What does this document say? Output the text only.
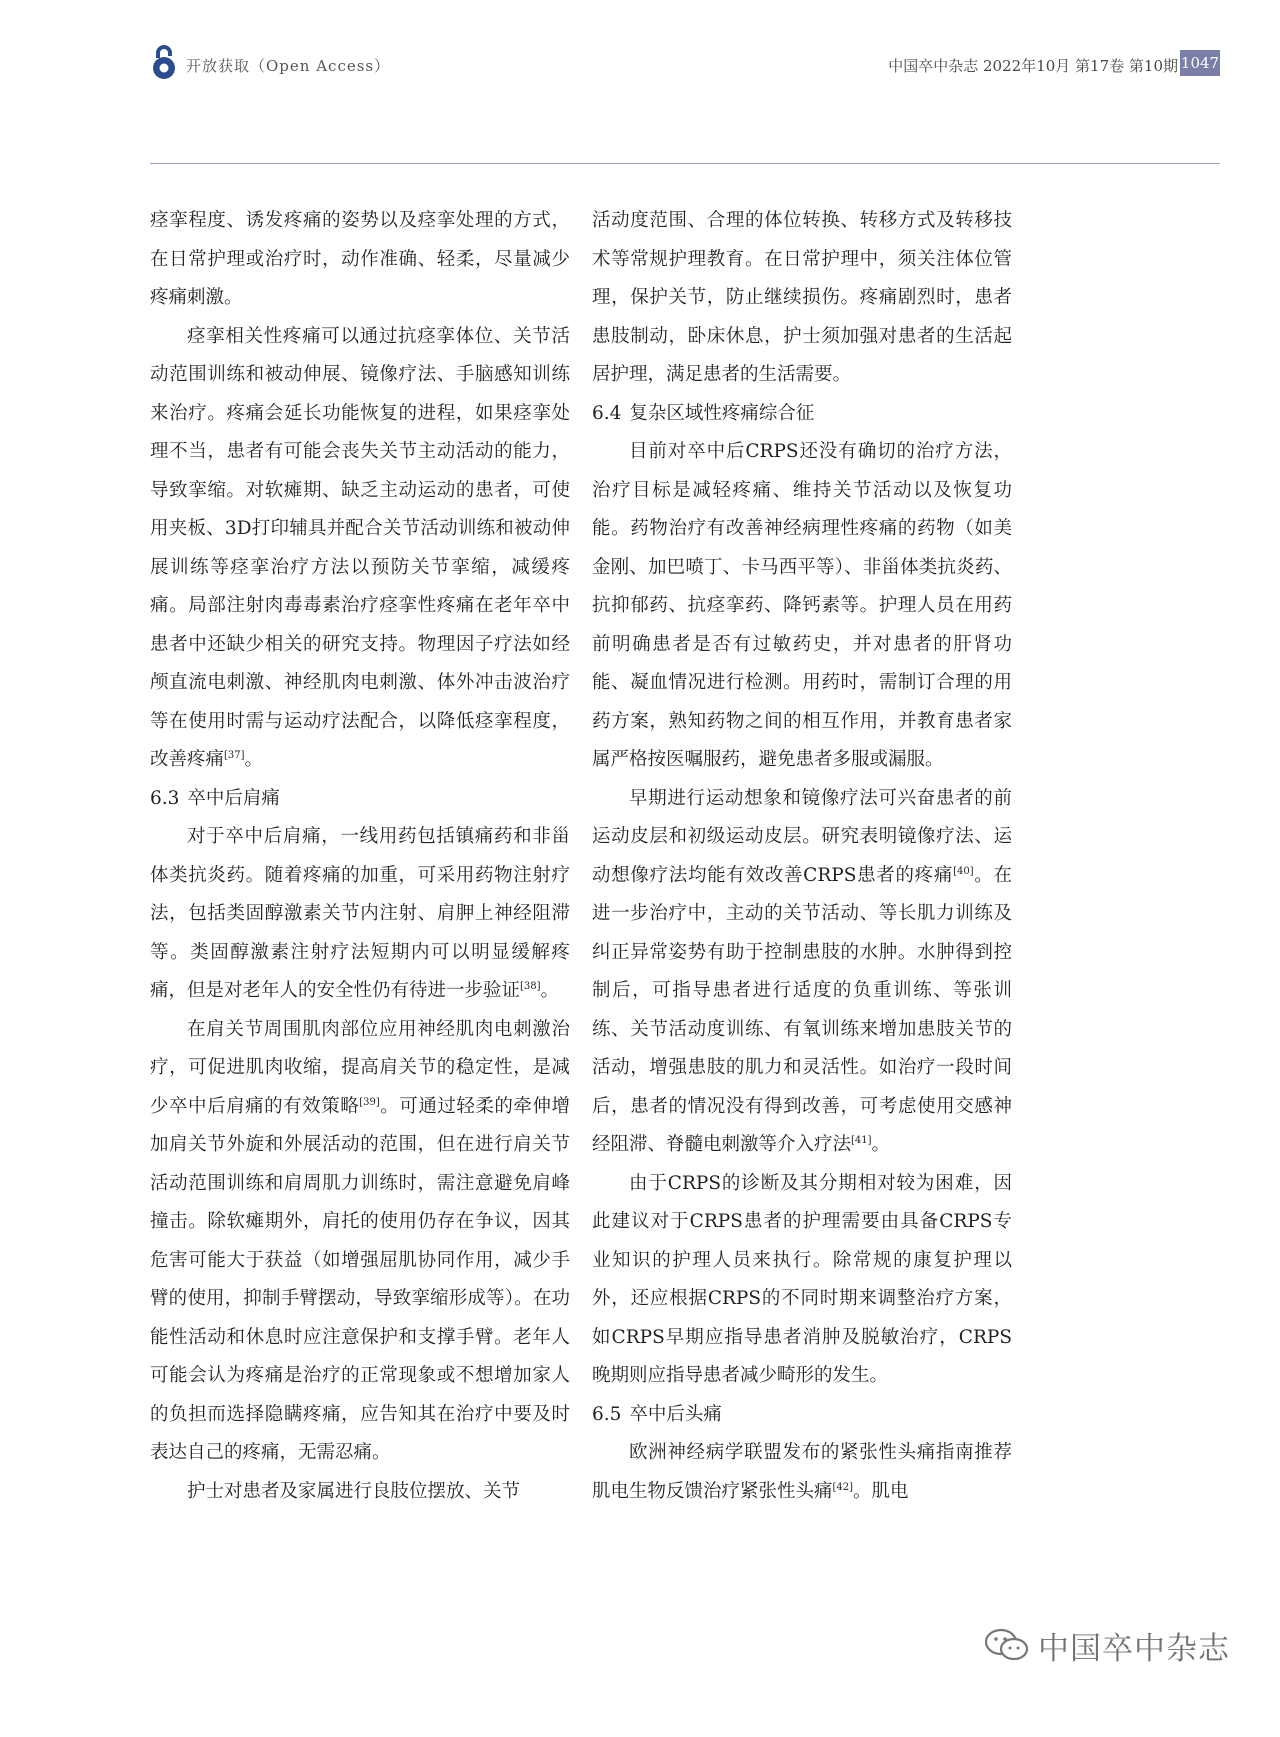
开放获取（Open Access）	中国卒中杂志 2022年10月 第17卷 第10期 1047

痉挛程度、诱发疼痛的姿势以及痉挛处理的方式，在日常护理或治疗时，动作准确、轻柔，尽量减少疼痛刺激。

痉挛相关性疼痛可以通过抗痉挛体位、关节活动范围训练和被动伸展、镜像疗法、手脑感知训练来治疗。疼痛会延长功能恢复的进程，如果痉挛处理不当，患者有可能会丧失关节主动活动的能力，导致挛缩。对软瘫期、缺乏主动运动的患者，可使用夹板、3D打印辅具并配合关节活动训练和被动伸展训练等痉挛治疗方法以预防关节挛缩，减缓疼痛。局部注射肉毒毒素治疗痉挛性疼痛在老年卒中患者中还缺少相关的研究支持。物理因子疗法如经颅直流电刺激、神经肌肉电刺激、体外冲击波治疗等在使用时需与运动疗法配合，以降低痉挛程度，改善疼痛[37]。

6.3 卒中后肩痛

对于卒中后肩痛，一线用药包括镇痛药和非甾体类抗炎药。随着疼痛的加重，可采用药物注射疗法，包括类固醇激素关节内注射、肩胛上神经阻滞等。类固醇激素注射疗法短期内可以明显缓解疼痛，但是对老年人的安全性仍有待进一步验证[38]。

在肩关节周围肌肉部位应用神经肌肉电刺激治疗，可促进肌肉收缩，提高肩关节的稳定性，是减少卒中后肩痛的有效策略[39]。可通过轻柔的牵伸增加肩关节外旋和外展活动的范围，但在进行肩关节活动范围训练和肩周肌力训练时，需注意避免肩峰撞击。除软瘫期外，肩托的使用仍存在争议，因其危害可能大于获益（如增强屈肌协同作用，减少手臂的使用，抑制手臂摆动，导致挛缩形成等）。在功能性活动和休息时应注意保护和支撑手臂。老年人可能会认为疼痛是治疗的正常现象或不想增加家人的负担而选择隐瞒疼痛，应告知其在治疗中要及时表达自己的疼痛，无需忍痛。

护士对患者及家属进行良肢位摆放、关节

活动度范围、合理的体位转换、转移方式及转移技术等常规护理教育。在日常护理中，须关注体位管理，保护关节，防止继续损伤。疼痛剧烈时，患者患肢制动，卧床休息，护士须加强对患者的生活起居护理，满足患者的生活需要。

6.4 复杂区域性疼痛综合征

目前对卒中后CRPS还没有确切的治疗方法，治疗目标是减轻疼痛、维持关节活动以及恢复功能。药物治疗有改善神经病理性疼痛的药物（如美金刚、加巴喷丁、卡马西平等）、非甾体类抗炎药、抗抑郁药、抗痉挛药、降钙素等。护理人员在用药前明确患者是否有过敏药史，并对患者的肝肾功能、凝血情况进行检测。用药时，需制订合理的用药方案，熟知药物之间的相互作用，并教育患者家属严格按医嘱服药，避免患者多服或漏服。

早期进行运动想象和镜像疗法可兴奋患者的前运动皮层和初级运动皮层。研究表明镜像疗法、运动想像疗法均能有效改善CRPS患者的疼痛[40]。在进一步治疗中，主动的关节活动、等长肌力训练及纠正异常姿势有助于控制患肢的水肿。水肿得到控制后，可指导患者进行适度的负重训练、等张训练、关节活动度训练、有氧训练来增加患肢关节的活动，增强患肢的肌力和灵活性。如治疗一段时间后，患者的情况没有得到改善，可考虑使用交感神经阻滞、脊髓电刺激等介入疗法[41]。

由于CRPS的诊断及其分期相对较为困难，因此建议对于CRPS患者的护理需要由具备CRPS专业知识的护理人员来执行。除常规的康复护理以外，还应根据CRPS的不同时期来调整治疗方案，如CRPS早期应指导患者消肿及脱敏治疗，CRPS晚期则应指导患者减少畸形的发生。

6.5 卒中后头痛

欧洲神经病学联盟发布的紧张性头痛指南推荐肌电生物反馈治疗紧张性头痛[42]。肌电

中国卒中杂志
